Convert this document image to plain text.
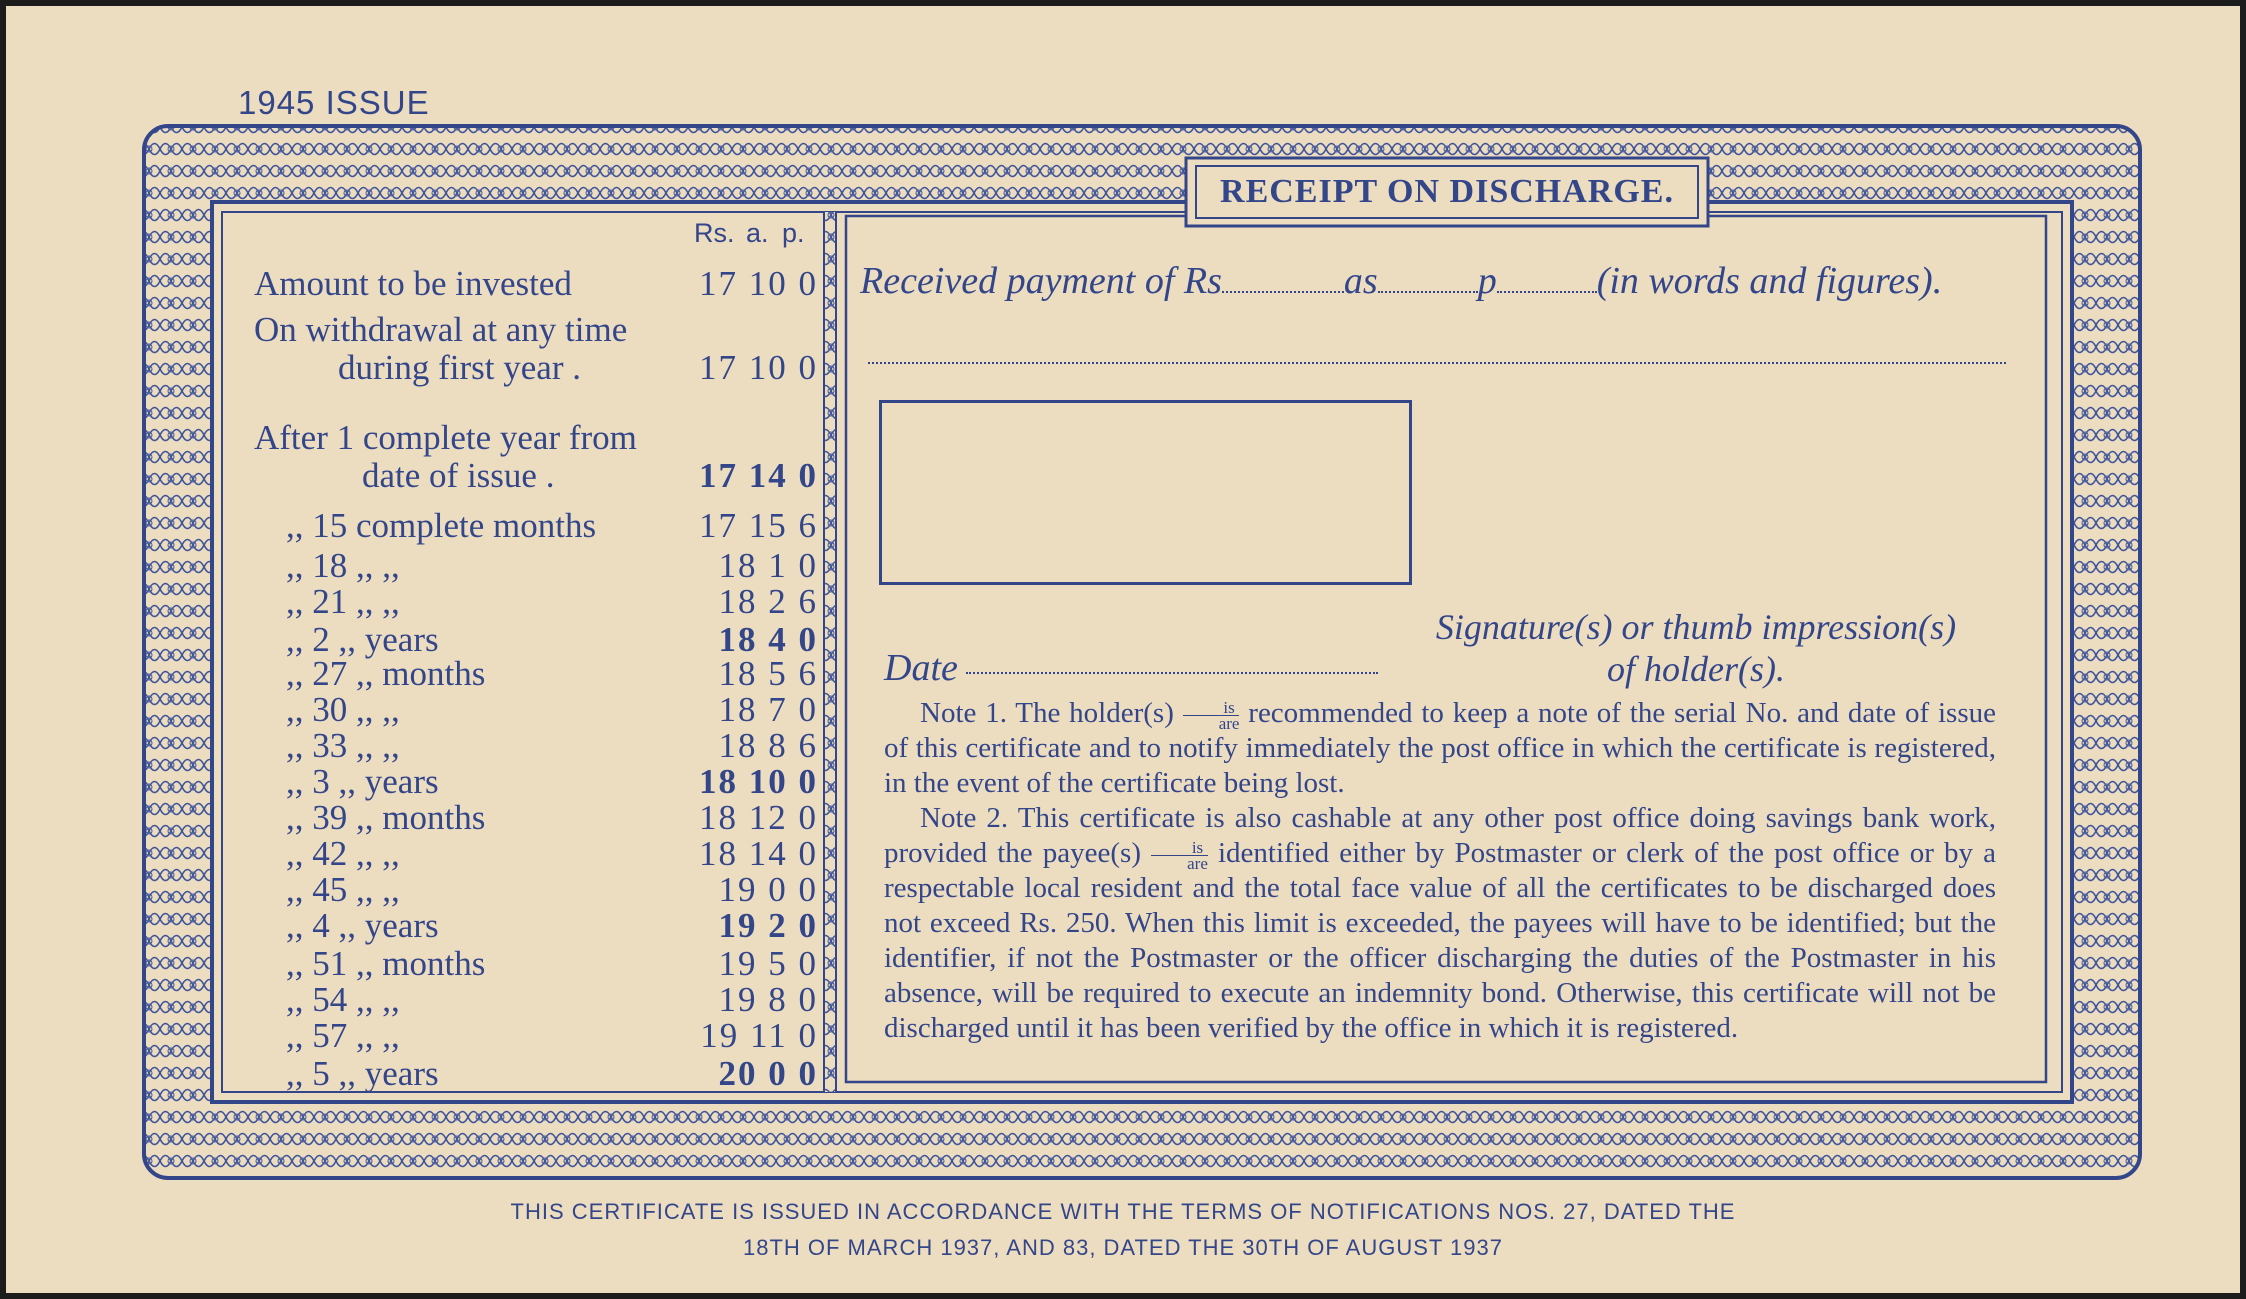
1945 ISSUE
RECEIPT ON DISCHARGE.
Rs. a. p.
Amount to be invested	17 10 0
On withdrawal at any time
during first year .	17 10 0
After 1 complete year from
date of issue .	17 14 0
,, 15 complete months	17 15 6
,, 18 ,, ,,	18 1 0
,, 21 ,, ,,	18 2 6
,, 2 ,, years	18 4 0
,, 27 ,, months	18 5 6
,, 30 ,, ,,	18 7 0
,, 33 ,, ,,	18 8 6
,, 3 ,, years	18 10 0
,, 39 ,, months	18 12 0
,, 42 ,, ,,	18 14 0
,, 45 ,, ,,	19 0 0
,, 4 ,, years	19 2 0
,, 51 ,, months	19 5 0
,, 54 ,, ,,	19 8 0
,, 57 ,, ,,	19 11 0
,, 5 ,, years	20 0 0
Received payment of Rs	as	p	(in words and figures).
Signature(s) or thumb impression(s)
of holder(s).
Date

Note 1. The holder(s) $\frac{is}{\text{are}}$ recommended to keep a note of the serial No. and date of issue of this certificate and to notify immediately the post office in which the certificate is registered, in the event of the certificate being lost.

Note 2. This certificate is also cashable at any other post office doing savings bank work, provided the payee(s) $\frac{is}{\text{are}}$ identified either by Postmaster or clerk of the post office or by a respectable local resident and the total face value of all the certificates to be discharged does not exceed Rs. 250. When this limit is exceeded, the payees will have to be identified; but the identifier, if not the Postmaster or the officer discharging the duties of the Postmaster in his absence, will be required to execute an indemnity bond. Otherwise, this certificate will not be discharged until it has been verified by the office in which it is registered.

THIS CERTIFICATE IS ISSUED IN ACCORDANCE WITH THE TERMS OF NOTIFICATIONS NOS. 27, DATED THE
18TH OF MARCH 1937, AND 83, DATED THE 30TH OF AUGUST 1937
